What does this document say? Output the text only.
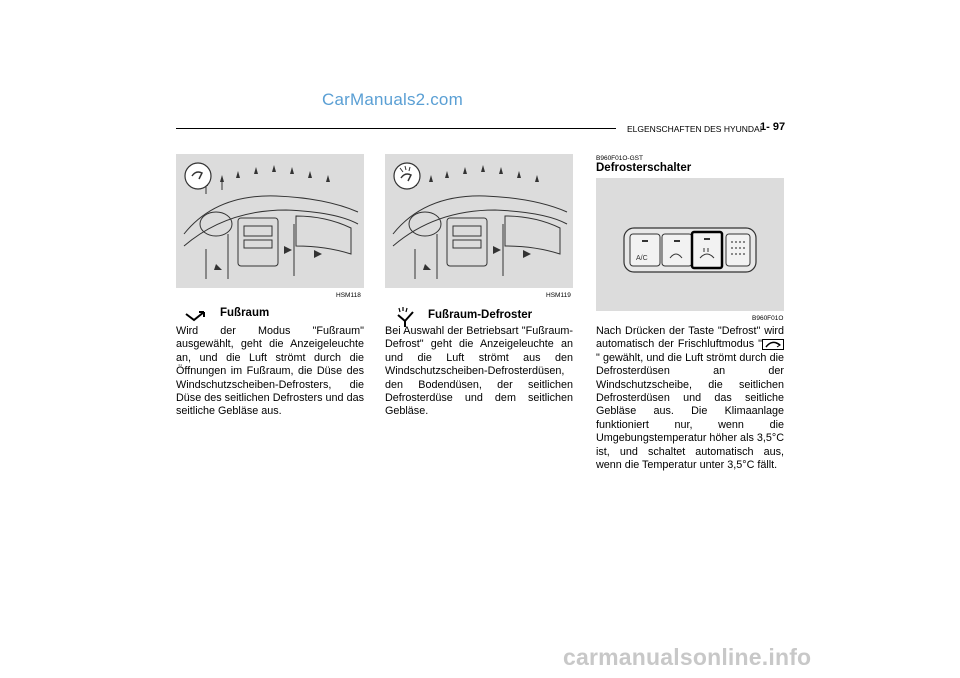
CarManuals2.com
ELGENSCHAFTEN DES HYUNDAI
1- 97
HSM118
Fußraum
Wird der Modus "Fußraum" ausgewählt, geht die Anzeigeleuchte an, und die Luft strömt durch die Öffnungen im Fußraum, die Düse des Windschutzscheiben-Defrosters, die Düse des seitlichen Defrosters und das seitliche Gebläse aus.
HSM119
Fußraum-Defroster
Bei Auswahl der Betriebsart "Fußraum-Defrost" geht die Anzeigeleuchte an und die Luft strömt aus den Windschutzscheiben-Defrosterdüsen, den Bodendüsen, der seitlichen Defrosterdüse und dem seitlichen Gebläse.
B960F01O-GST
Defrosterschalter
A/C
B960F01O
Nach Drücken der Taste "Defrost" wird automatisch der Frischluftmodus "
" gewählt, und die Luft strömt durch die Defrosterdüsen an der Windschutzscheibe, die seitlichen Defrosterdüsen und das seitliche Gebläse aus. Die Klimaanlage funktioniert nur, wenn die Umgebungstemperatur höher als 3,5°C ist, und schaltet automatisch aus, wenn die Temperatur unter 3,5°C fällt.
carmanualsonline.info
